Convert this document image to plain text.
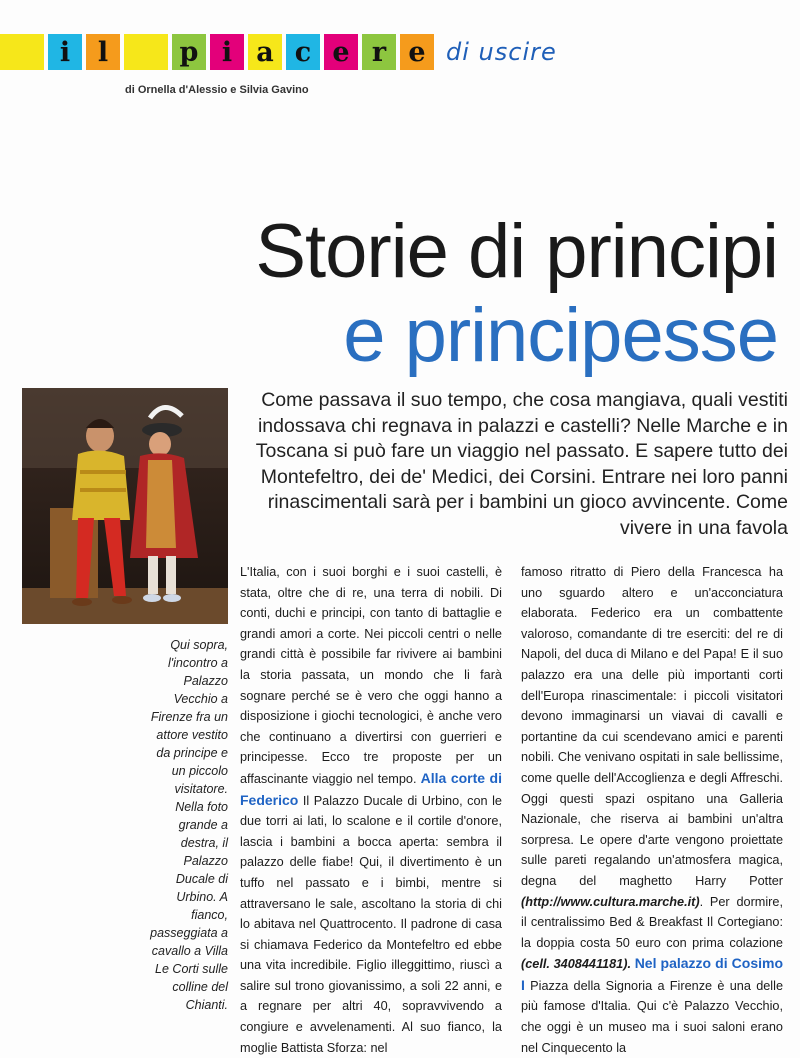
i	l	p i a c e r e di uscire
di Ornella d'Alessio e Silvia Gavino
Storie di principi
e principesse
Qui sopra, l'incontro a Palazzo Vecchio a Firenze fra un attore vestito da principe e un piccolo visitatore. Nella foto grande a destra, il Palazzo Ducale di Urbino. A fianco, passeggiata a cavallo a Villa Le Corti sulle colline del Chianti.
Come passava il suo tempo, che cosa mangiava, quali vestiti indossava chi regnava in palazzi e castelli? Nelle Marche e in Toscana si può fare un viaggio nel passato. E sapere tutto dei Montefeltro, dei de' Medici, dei Corsini. Entrare nei loro panni rinascimentali sarà per i bambini un gioco avvincente. Come vivere in una favola

L'Italia, con i suoi borghi e i suoi castelli, è stata, oltre che di re, una terra di nobili. Di conti, duchi e principi, con tanto di battaglie e grandi amori a corte. Nei piccoli centri o nelle grandi città è possibile far rivivere ai bambini la storia passata, un mondo che li farà sognare perché se è vero che oggi hanno a disposizione i giochi tecnologici, è anche vero che continuano a divertirsi con guerrieri e principesse. Ecco tre proposte per un affascinante viaggio nel tempo. Alla corte di Federico Il Palazzo Ducale di Urbino, con le due torri ai lati, lo scalone e il cortile d'onore, lascia i bambini a bocca aperta: sembra il palazzo delle fiabe! Qui, il divertimento è un tuffo nel passato e i bimbi, mentre si attraversano le sale, ascoltano la storia di chi lo abitava nel Quattrocento. Il padrone di casa si chiamava Federico da Montefeltro ed ebbe una vita incredibile. Figlio illeggittimo, riuscì a salire sul trono giovanissimo, a soli 22 anni, e a regnare per altri 40, sopravvivendo a congiure e avvelenamenti. Al suo fianco, la moglie Battista Sforza: nel

famoso ritratto di Piero della Francesca ha uno sguardo altero e un'acconciatura elaborata. Federico era un combattente valoroso, comandante di tre eserciti: del re di Napoli, del duca di Milano e del Papa! E il suo palazzo era una delle più importanti corti dell'Europa rinascimentale: i piccoli visitatori devono immaginarsi un viavai di cavalli e portantine da cui scendevano amici e parenti nobili. Che venivano ospitati in sale bellissime, come quelle dell'Accoglienza e degli Affreschi. Oggi questi spazi ospitano una Galleria Nazionale, che riserva ai bambini un'altra sorpresa. Le opere d'arte vengono proiettate sulle pareti regalando un'atmosfera magica, degna del maghetto Harry Potter (http://www.cultura.marche.it). Per dormire, il centralissimo Bed & Breakfast Il Cortegiano: la doppia costa 50 euro con prima colazione (cell. 3408441181). Nel palazzo di Cosimo I Piazza della Signoria a Firenze è una delle più famose d'Italia. Qui c'è Palazzo Vecchio, che oggi è un museo ma i suoi saloni erano nel Cinquecento la
